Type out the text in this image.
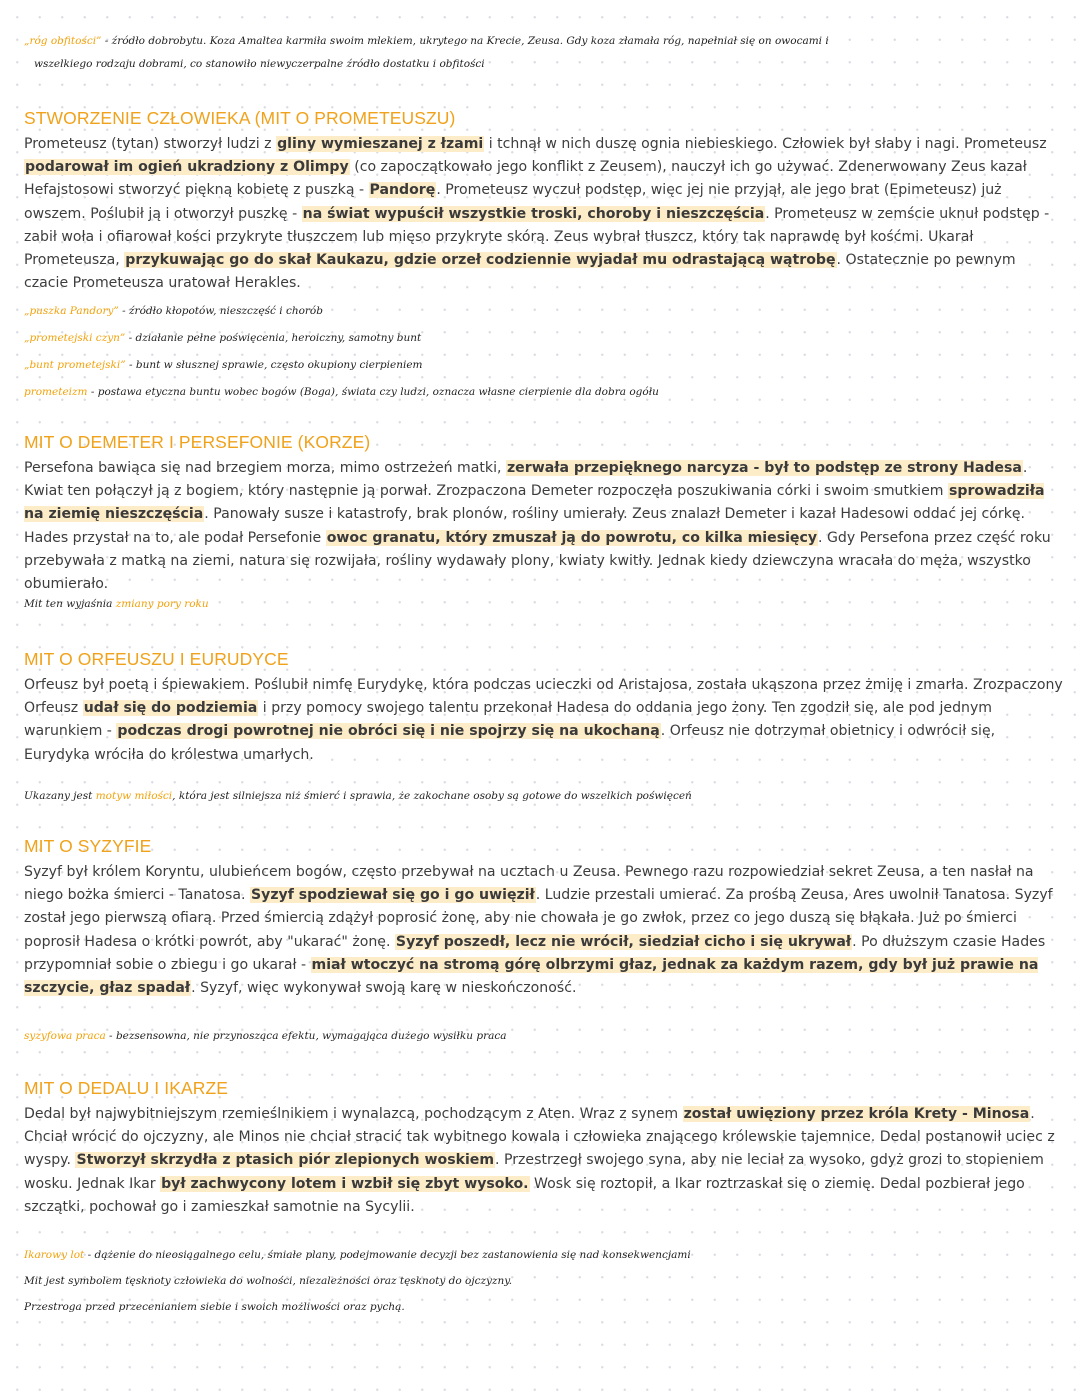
„róg obfitości” - źródło dobrobytu. Koza Amaltea karmiła swoim mlekiem, ukrytego na Krecie, Zeusa. Gdy koza złamała róg, napełniał się on owocami i
wszelkiego rodzaju dobrami, co stanowiło niewyczerpalne źródło dostatku i obfitości
STWORZENIE CZŁOWIEKA (MIT O PROMETEUSZU)

Prometeusz (tytan) stworzył ludzi z gliny wymieszanej z łzami i tchnął w nich duszę ognia niebieskiego. Człowiek był słaby i nagi. Prometeusz podarował im ogień ukradziony z Olimpy (co zapoczątkowało jego konflikt z Zeusem), nauczył ich go używać. Zdenerwowany Zeus kazał Hefajstosowi stworzyć piękną kobietę z puszką - Pandorę. Prometeusz wyczuł podstęp, więc jej nie przyjął, ale jego brat (Epimeteusz) już owszem. Poślubił ją i otworzył puszkę - na świat wypuścił wszystkie troski, choroby i nieszczęścia. Prometeusz w zemście uknuł podstęp - zabił woła i ofiarował kości przykryte tłuszczem lub mięso przykryte skórą. Zeus wybrał tłuszcz, który tak naprawdę był kośćmi. Ukarał Prometeusza, przykuwając go do skał Kaukazu, gdzie orzeł codziennie wyjadał mu odrastającą wątrobę. Ostatecznie po pewnym czacie Prometeusza uratował Herakles.

„puszka Pandory” - źródło kłopotów, nieszczęść i chorób
„prometejski czyn” - działanie pełne poświęcenia, heroiczny, samotny bunt
„bunt prometejski” - bunt w słusznej sprawie, często okupiony cierpieniem
prometeizm - postawa etyczna buntu wobec bogów (Boga), świata czy ludzi, oznacza własne cierpienie dla dobra ogółu
MIT O DEMETER I PERSEFONIE (KORZE)

Persefona bawiąca się nad brzegiem morza, mimo ostrzeżeń matki, zerwała przepięknego narcyza - był to podstęp ze strony Hadesa. Kwiat ten połączył ją z bogiem, który następnie ją porwał. Zrozpaczona Demeter rozpoczęła poszukiwania córki i swoim smutkiem sprowadziła na ziemię nieszczęścia. Panowały susze i katastrofy, brak plonów, rośliny umierały. Zeus znalazł Demeter i kazał Hadesowi oddać jej córkę. Hades przystał na to, ale podał Persefonie owoc granatu, który zmuszał ją do powrotu, co kilka miesięcy. Gdy Persefona przez część roku przebywała z matką na ziemi, natura się rozwijała, rośliny wydawały plony, kwiaty kwitły. Jednak kiedy dziewczyna wracała do męża, wszystko obumierało.

Mit ten wyjaśnia zmiany pory roku
MIT O ORFEUSZU I EURUDYCE

Orfeusz był poetą i śpiewakiem. Poślubił nimfę Eurydykę, która podczas ucieczki od Aristajosa, została ukąszona przez żmiję i zmarła. Zrozpaczony Orfeusz udał się do podziemia i przy pomocy swojego talentu przekonał Hadesa do oddania jego żony. Ten zgodził się, ale pod jednym warunkiem - podczas drogi powrotnej nie obróci się i nie spojrzy się na ukochaną. Orfeusz nie dotrzymał obietnicy i odwrócił się, Eurydyka wróciła do królestwa umarłych.

Ukazany jest motyw miłości, która jest silniejsza niż śmierć i sprawia, że zakochane osoby są gotowe do wszelkich poświęceń
MIT O SYZYFIE

Syzyf był królem Koryntu, ulubieńcem bogów, często przebywał na ucztach u Zeusa. Pewnego razu rozpowiedział sekret Zeusa, a ten nasłał na niego bożka śmierci - Tanatosa. Syzyf spodziewał się go i go uwięził. Ludzie przestali umierać. Za prośbą Zeusa, Ares uwolnił Tanatosa. Syzyf został jego pierwszą ofiarą. Przed śmiercią zdążył poprosić żonę, aby nie chowała je go zwłok, przez co jego duszą się błąkała. Już po śmierci poprosił Hadesa o krótki powrót, aby "ukarać" żonę. Syzyf poszedł, lecz nie wrócił, siedział cicho i się ukrywał. Po dłuższym czasie Hades przypomniał sobie o zbiegu i go ukarał - miał wtoczyć na stromą górę olbrzymi głaz, jednak za każdym razem, gdy był już prawie na szczycie, głaz spadał. Syzyf, więc wykonywał swoją karę w nieskończoność.

syzyfowa praca - bezsensowna, nie przynosząca efektu, wymagająca dużego wysiłku praca
MIT O DEDALU I IKARZE

Dedal był najwybitniejszym rzemieślnikiem i wynalazcą, pochodzącym z Aten. Wraz z synem został uwięziony przez króla Krety - Minosa. Chciał wrócić do ojczyzny, ale Minos nie chciał stracić tak wybitnego kowala i człowieka znającego królewskie tajemnice. Dedal postanowił uciec z wyspy. Stworzył skrzydła z ptasich piór zlepionych woskiem. Przestrzegł swojego syna, aby nie leciał za wysoko, gdyż grozi to stopieniem wosku. Jednak Ikar był zachwycony lotem i wzbił się zbyt wysoko. Wosk się roztopił, a Ikar roztrzaskał się o ziemię. Dedal pozbierał jego szczątki, pochował go i zamieszkał samotnie na Sycylii.

Ikarowy lot - dążenie do nieosiągalnego celu, śmiałe plany, podejmowanie decyzji bez zastanowienia się nad konsekwencjami
Mit jest symbolem tęsknoty człowieka do wolności, niezależności oraz tęsknoty do ojczyzny.
Przestroga przed przecenianiem siebie i swoich możliwości oraz pychą.
